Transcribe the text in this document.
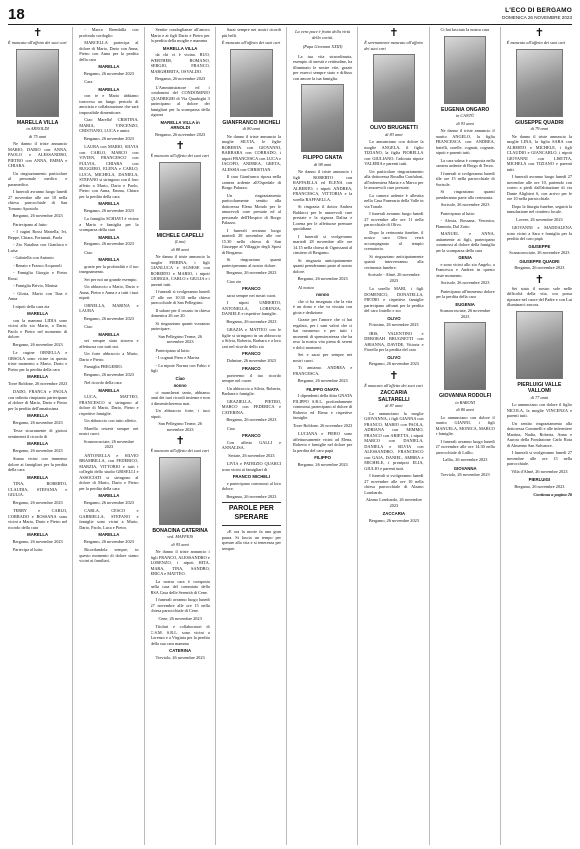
18	L'ECO DI BERGAMO
DOMENICA 26 NOVEMBRE 2023
✝
È mancata all'affetto dei suoi cari
MARELLA VILLA
in ARNOLDI
di 75 anni

Ne danno il triste annuncio MARIO, DARIO con ANNA, PAOLO e ALESSANDRO, PIETRO con ANNA, EMMA e CHIARA.

Un ringraziamento particolare al personale medico e paramedico.

I funerali avranno luogo lunedì 27 novembre alle ore 10 nella chiesa parrocchiale di San Tomaso Apostolo.

Bergamo, 26 novembre 2023

Partecipano al lutto:

- I cugini Rossi Mariella, Ivi, Beppe, Chiara, Fortunati, Paola

- Zio Natalina con Gianluca e Luisa

- Gabriella con Antonio

- Renato e Franco Acquaroli

- Famiglia Giorgio e Pietro Rossi

- Famiglia Brivio, Marina

- Gloria, Mario con Tina e Anna

I nipoti della cara zia

MARELLA

con la mamma LIDIA sono vicini allo zio Mario, a Dario, Paolo e Pietro nel momento di dolore.

Bergamo, 26 novembre 2023

Le cugine ORNELLA e ORSOLA sono vicine in questo triste momento a Mario, Dario e Pietro per la perdita della cara

MARELLA
Torre Boldone, 26 novembre 2023

DADO, FRANCA e PAOLA con infinito rimpianto partecipano al dolore di Mario, Dario e Pietro per la perdita dell'amatissima

MARELLA
Bergamo, 26 novembre 2023

Tesse sicuramente di gioiosi sentimenti il ricordo di

MARELLA
Bergamo, 26 novembre 2023

Siamo vicini con immenso dolore ai famigliari per la perdita della cara

MARELLA

TINA, ROBERTO, CLAUDIA, STEFANIA e GIULIA.

Bergamo, 26 novembre 2023

TERRY e CARLO, CORRADO e ROSSANA sono vicini a Mario, Dario e Pietro nel ricordo della cara

MARELLA
Bergamo, 26 novembre 2023

Partecipa al lutto:

- Marco Brembilla con profondo cordoglio

MARCELLA partecipa al dolore di Mario, Dario con Anna, Pietro con Anna per la perdita della cara

MARELLA
Bergamo, 26 novembre 2023

Cara

MARELLA

con te e Mario abbiamo trascorso un lungo periodo di amicizia e collaborazione che sarà impossibile dimenticare.

Ciao Marella! CRISTINA, MARIA, VINCENZO, CRISTIANO, LUCA e amici.

Bergamo, 26 novembre 2023

LAURA con MARIO, SILVIA con CARLO, MARCO con VIVIEN, FRANCESCO con FULVIA, CHIARA con RUGGERO, ELENA e CARLO, LUCA, MICHELA, DANIELA, STEFANO si stringono con il loro affetto a Mario, Dario e Paolo, Pietro con Anna, Emma, Chiara per la perdita della cara

MARELLA
Bergamo, 26 novembre 2023

La famiglia SCHIAVI è vicina a Mario e famiglia per la scomparsa della cara

MARELLA
Bergamo, 26 novembre 2023

Ciao

MARELLA

grazie per la profondità e il tuo insegnamento.

Sei per noi un grande esempio.

Un abbraccio a Mario, Dario e Anna, Pietro e Anna e a tutti i tuoi nipoti.

ORNELLA, MARINA e LAURA

Bergamo, 26 novembre 2023

Ciao

MARELLA

sei sempre stata sincera e affettuosa con tutti noi.

Un forte abbraccio a Mario, Dario e Pietro.

Famiglia PREGERIO.

Bergamo, 26 novembre 2023

Nel ricordo della cara

MARELLA

LUCA, MATTEO, FRANCESCO si stringono al dolore di Mario, Dario, Pietro e rispettive famiglie.

Un abbraccio con tutto affetto.

Marella resterà sempre nei nostri cuori.

Scanzorosciate, 26 novembre 2023

ANTONELLA e SILVIO BRAMBILLA, con FEDERICO, MARZIA, VITTORIO e tutti i colleghi dello studio GRISELLI e ASSOCIATI si stringono al dolore di Mario, Dario e Pietro per la perdita della cara

MARELLA
Bergamo, 26 novembre 2023

CARLA, CESCO e GABRIELLA, STEFANO e famiglie sono vicini a Mario, Dario, Paolo, Luca e Pietro.

MARELLA
Bergamo, 26 novembre 2023

Ricordandola sempre, in questo momento di dolore siamo vicini ai familiari.

Sentite condoglianze all'amico Mario e ai figli Dario e Pietro per la perdita della moglie e mamma

MARELLA VILLA

da chi vi è vicino. RUO, WERTHER, ROMANO, SERGIO, FRANCO, MARGHERITA, OSVALDO.

Bergamo, 26 novembre 2023

L'Amministratore ed i condomini del CONDOMINIO QUADRIGHI di Via Quadrighi 3 partecipano al dolore dei famigliari per la scomparsa della signora

MARELLA VILLA in ARNOLDI
Bergamo, 26 novembre 2023
✝
È mancato all'affetto dei suoi cari
MICHELE CAPELLI
(Lino)
di 88 anni

Ne danno il triste annuncio la moglie PIERINA, i figli GIANLUCA e AGNESE con ROBERTO e MARIO, i nipoti GIORGIA, CARLO e GIULIA e i parenti tutti.

I funerali si svolgeranno lunedì 27 alle ore 10.30 nella chiesa parrocchiale di San Pellegrino.

Il salone per il rosario in chiesa domenica 26 ore 20.

Si ringraziano quanti vorranno partecipare.

San Pellegrino Terme, 26 novembre 2023

Partecipano al lutto:

- I cognati Piero e Marisa

- La nipote Norma con Fabio e figli

Ciao
nonno

ci mancherai tanto, abbiamo tanti dei tuoi ricordi insieme e non ti dimenticheremo mai.

Un abbraccio forte, i tuoi nipoti.

San Pellegrino Terme, 26 novembre 2023
✝
È mancato all'affetto dei suoi cari
BONACINA CATERINA
ved. MAFFEIS
di 95 anni

Ne danno il triste annuncio i figli FRANCO, ALESSANDRO e LORENZO, i nipoti RITA, MARA, TINA, SANDRO, ERICA e MATTEO.

La nostra cara è composta nella casa del commiato della RSA Casa delle Serenità di Cene.

I funerali avranno luogo lunedì 27 novembre alle ore 15 nella chiesa parrocchiale di Cene.

Cene, 26 novembre 2023

Titolari e collaboratori di C.S.M. S.R.L. sono vicini a Lorenzo e a Virginia per la perdita della sua cara mamma

CATERINA
Treviolo, 26 novembre 2023

Sarai sempre nei nostri ricordi più belli.

È mancato all'affetto dei suoi cari
GIANFRANCO MICHELI
di 80 anni

Ne danno il triste annuncio la moglie SILVIA, le figlie ROBERTA con GIOVANNI, BARBARA con CORRADO, i nipoti FRANCESCA con LUCA e JACOPO, ANDREA, GRETA, ALESSIA con CHRISTIAN.

Il caro Gianfranco riposa nella camera ardente all'Ospedale di Borgo Palazzo.

Un ringraziamento particolarmente sentito alla dottoressa Elena Mondo per le amorevoli cure prestate ed al personale dell'Hospice di Borgo Palazzo.

I funerali avranno luogo martedì 28 novembre alle ore 15.30 nella chiesa di San Giuseppe al Villaggio degli Sposi di Bergamo.

Si ringraziano quanti parteciperanno al nostro dolore.

Bergamo, 26 novembre 2023

Ciao zio

FRANCO

sarai sempre nei nostri cuori.

I nipoti UMBERTO, ANTONELLA, LORENZA, DANIELE e rispettive famiglie.

Bergamo, 26 novembre 2023

GRAZIA e MATTEO con le figlie si stringono in un abbraccio a Silvia, Roberta, Barbara e a loro cari nel ricordo dello zio

FRANCO
Dalmine, 26 novembre 2023
FRANCO

porteremo il tuo ricordo sempre nel cuore.

Un abbraccio a Silvia, Roberta, Barbara e famiglie.

GRAZIELLA, PIETRO, MARCO con FEDERICA e CATERINA.

Bergamo, 26 novembre 2023

Ciao

FRANCO

Con affetto GALLI e ANNALISA.

Seriate, 26 novembre 2023

LIVIA e PATRIZIO QUARCI sono vicini ai famigliari di

FRANCO MICHELI

e partecipano commossi al loro dolore.

Bergamo, 26 novembre 2023
PAROLE PER SPERARE

«E ora la morte fa una gran paura. Si lascia un tempo per sperare alla vita e si tenerezza per sempre.

La vera pace è frutto della virtù della carità.
(Papa Giovanni XXIII)

La tua vita straordinaria, esempio di onestà e rettitudine, ha illuminato le nostre vite, grazie per esserci sempre stato e diffuso con amore la tua famiglia.

FILIPPO GNATA
di 98 anni

Ne danno il triste annuncio i figli ROBERTO con RAFFAELLA ed ELENA con ALBERTO, i nipoti ANDREA, FRANCESCA, VITTORIA e la sorella RAFFAELLA.

Si ringrazia il dottor Andrea Baldacci per le amorevoli cure prestate e la signora Dalisa e Lorena per le affettuose premure quotidiane.

I funerali si svolgeranno martedì 28 novembre alle ore 14.15 nella chiesa di Ognissanti al cimitero di Bergamo.

Si ringrazia anticipatamente quanti prenderanno parte al nostro dolore.

Bergamo, 26 novembre 2023

Al nostro

nonno

che ci ha insegnato che la vita è un dono e che va vissuta con gioia e dedizione.

Grazie per l'amore che ci hai regalato, per i sani valori che ci hai trasmesso e per tutti i momenti di spensieratezza che ha reso la nostra vita piena di sereni e dolci momenti.

Sei e sarai per sempre nei nostri cuori.

Ti amiamo. ANDREA e FRANCESCA.

Bergamo, 26 novembre 2023
FILIPPO GNATA

I dipendenti della ditta GNATA FILIPPO S.R.L. profondamente commossi partecipano al dolore di Roberto ed Elena e rispettive famiglie.

Torre Boldone, 26 novembre 2023

LUCIANA e PIERO sono affettuosamente vicini ad Elena, Roberto e famiglie nel dolore per la perdita del caro papà

FILIPPO
Bergamo, 26 novembre 2023
✝
È serenamente mancato all'affetto dei suoi cari
OLIVO BRUGNETTI
di 83 anni

Lo annunciano con dolore la moglie ANGELA, il figlio TIZIANO, la figlia FIORELLA con GIULIANO, l'adorata nipote VALERIA e parenti tutti.

Un particolare ringraziamento alla dottoressa Rosalba Confaloni, all'infermiera Maria e a Marco per le amorevoli cure prestate.

La camera ardente è allestita nella Casa Funeraria della Valle in via Tonale.

I funerali avranno luogo lunedì 27 novembre alle ore 11 nella parrocchiale di Olivo.

Dopo la cerimonia funebre, il nostro caro Olivo verrà accompagnato al tempio crematorio.

Si ringraziano anticipatamente quanti interverranno alla cerimonia funebre.

Sorisole - Almè, 26 novembre 2023

La sorella MARI, i figli DOMENICO, DONATELLA, PIETRO e rispettive famiglie partecipano affranti per la perdita del caro fratello e zio

OLIVO
Potosino, 26 novembre 2023

IRIS, VALENTINO e DEBORAH BRUGNETTI con ARIANNA, DAVIDE, Vittoria e Fiorella per la perdita del caro

OLIVO
Bergamo, 26 novembre 2023
✝
È mancato all'affetto dei suoi cari
ZACCARIA SALTARELLI
di 87 anni

Lo annunciano la moglie GIOVANNA, i figli GIANNA con FRANCO, MARIO con PAOLA, ADRIANA con MIMMO, FRANCO con ARIETTA, i nipoti MARCO con DANIELA, DANIELA e SILVIA con ALESSANDRO, FRANCESCO con GAIA, DANIEL, AMBRA e MICHELE, i pronipoti ELIA, GIULIO e parenti tutti.

I funerali si svolgeranno lunedì 27 novembre alle ore 10 nella chiesa parrocchiale di Alzano Lombardo.

Alzano Lombardo, 26 novembre 2023
ZACCARIA
Bergamo, 26 novembre 2023

Ci hai lasciato la nostra cara

EUGENIA ONGARO
in CANTÙ
di 93 anni

Ne danno il triste annuncio il marito ANGELO, la figlia FRANCESCA con ANDREA, fratelli, sorelle, cognati, cognate, nipoti e parenti tutti.

La cara salma è composta nella camera ardente di Borgo di Terzo.

I funerali si svolgeranno lunedì alle ore 15 nella parrocchiale di Sorisole.

Si ringraziano quanti prenderanno parte alla cerimonia.

Sorisole, 26 novembre 2023

Partecipano al lutto:

- Alexia, Rossana, Veronica, Flaminia, Dal Zotto

MANUEL e ANNA, unitamente ai figli, partecipano commossi al dolore della famiglia per la scomparsa della cara

GENIA

e sono vicini allo zio Angelo, a Francesca e Andrea in questo triste momento.

Sorisole, 26 novembre 2023

Partecipano all'immenso dolore per la perdita della cara

EUGENIA
Scanzorosciate, 26 novembre 2023
GIOVANNA RODOLFI
in BARONI
di 80 anni

Lo annunciano con dolore il marito GIANNI, i figli MANUELA, MONICA, MARCO e famiglie.

I funerali avranno luogo lunedì 27 novembre alle ore 14.30 nella parrocchiale di Lallio.

Lallio, 26 novembre 2023
GIOVANNA
Treviolo, 26 novembre 2023
✝
È mancato all'affetto dei suoi cari
GIUSEPPE QUADRI
di 79 anni

Ne danno il triste annuncio la moglie LINA, la figlia SARA con ALBERTO e MICHELE, i figli CLAUDIO e GIANCARLO, i nipoti GIOVANNI con LISETTA, MICHELA con TIZIANO e parenti tutti.

I funerali avranno luogo lunedì 27 novembre alle ore 10, partendo con corteo a piedi dall'abitazione di via Dante Alighieri 6, con arrivo per le ore 10 nella parrocchiale.

Dopo la liturgia funebre, seguirà la tumulazione nel cimitero locale.

Lovere, 26 novembre 2023

GIOVANNI e MADDALENA sono vicini a Sara e famiglia per la perdita del caro papà

GIUSEPPE
Scanzorosciate, 26 novembre 2023
GIUSEPPE QUADRI
Bergamo, 26 novembre 2023
✝

Sei stato il nostro sole nelle difficoltà della vita, ora possa riposare nel cuore del Padre e con Lui illuminarci ancora.

PIERLUIGI VALLE VALLOMI
di 77 anni

Lo annunciano con dolore il figlio NICOLA, la moglie VINCENZA e parenti tutti.

Un sentito ringraziamento alla dottoressa Cominelli e alle infermiere Martina, Nadia, Roberta, Anna e Aurora della Fondazione Carlo Rota di Almenno San Salvatore.

I funerali si svolgeranno lunedì 27 novembre alle ore 15 nella parrocchiale.

Villa d'Almè, 26 novembre 2023
PIERLUIGI
Bergamo, 26 novembre 2023
Continua a pagina 26
